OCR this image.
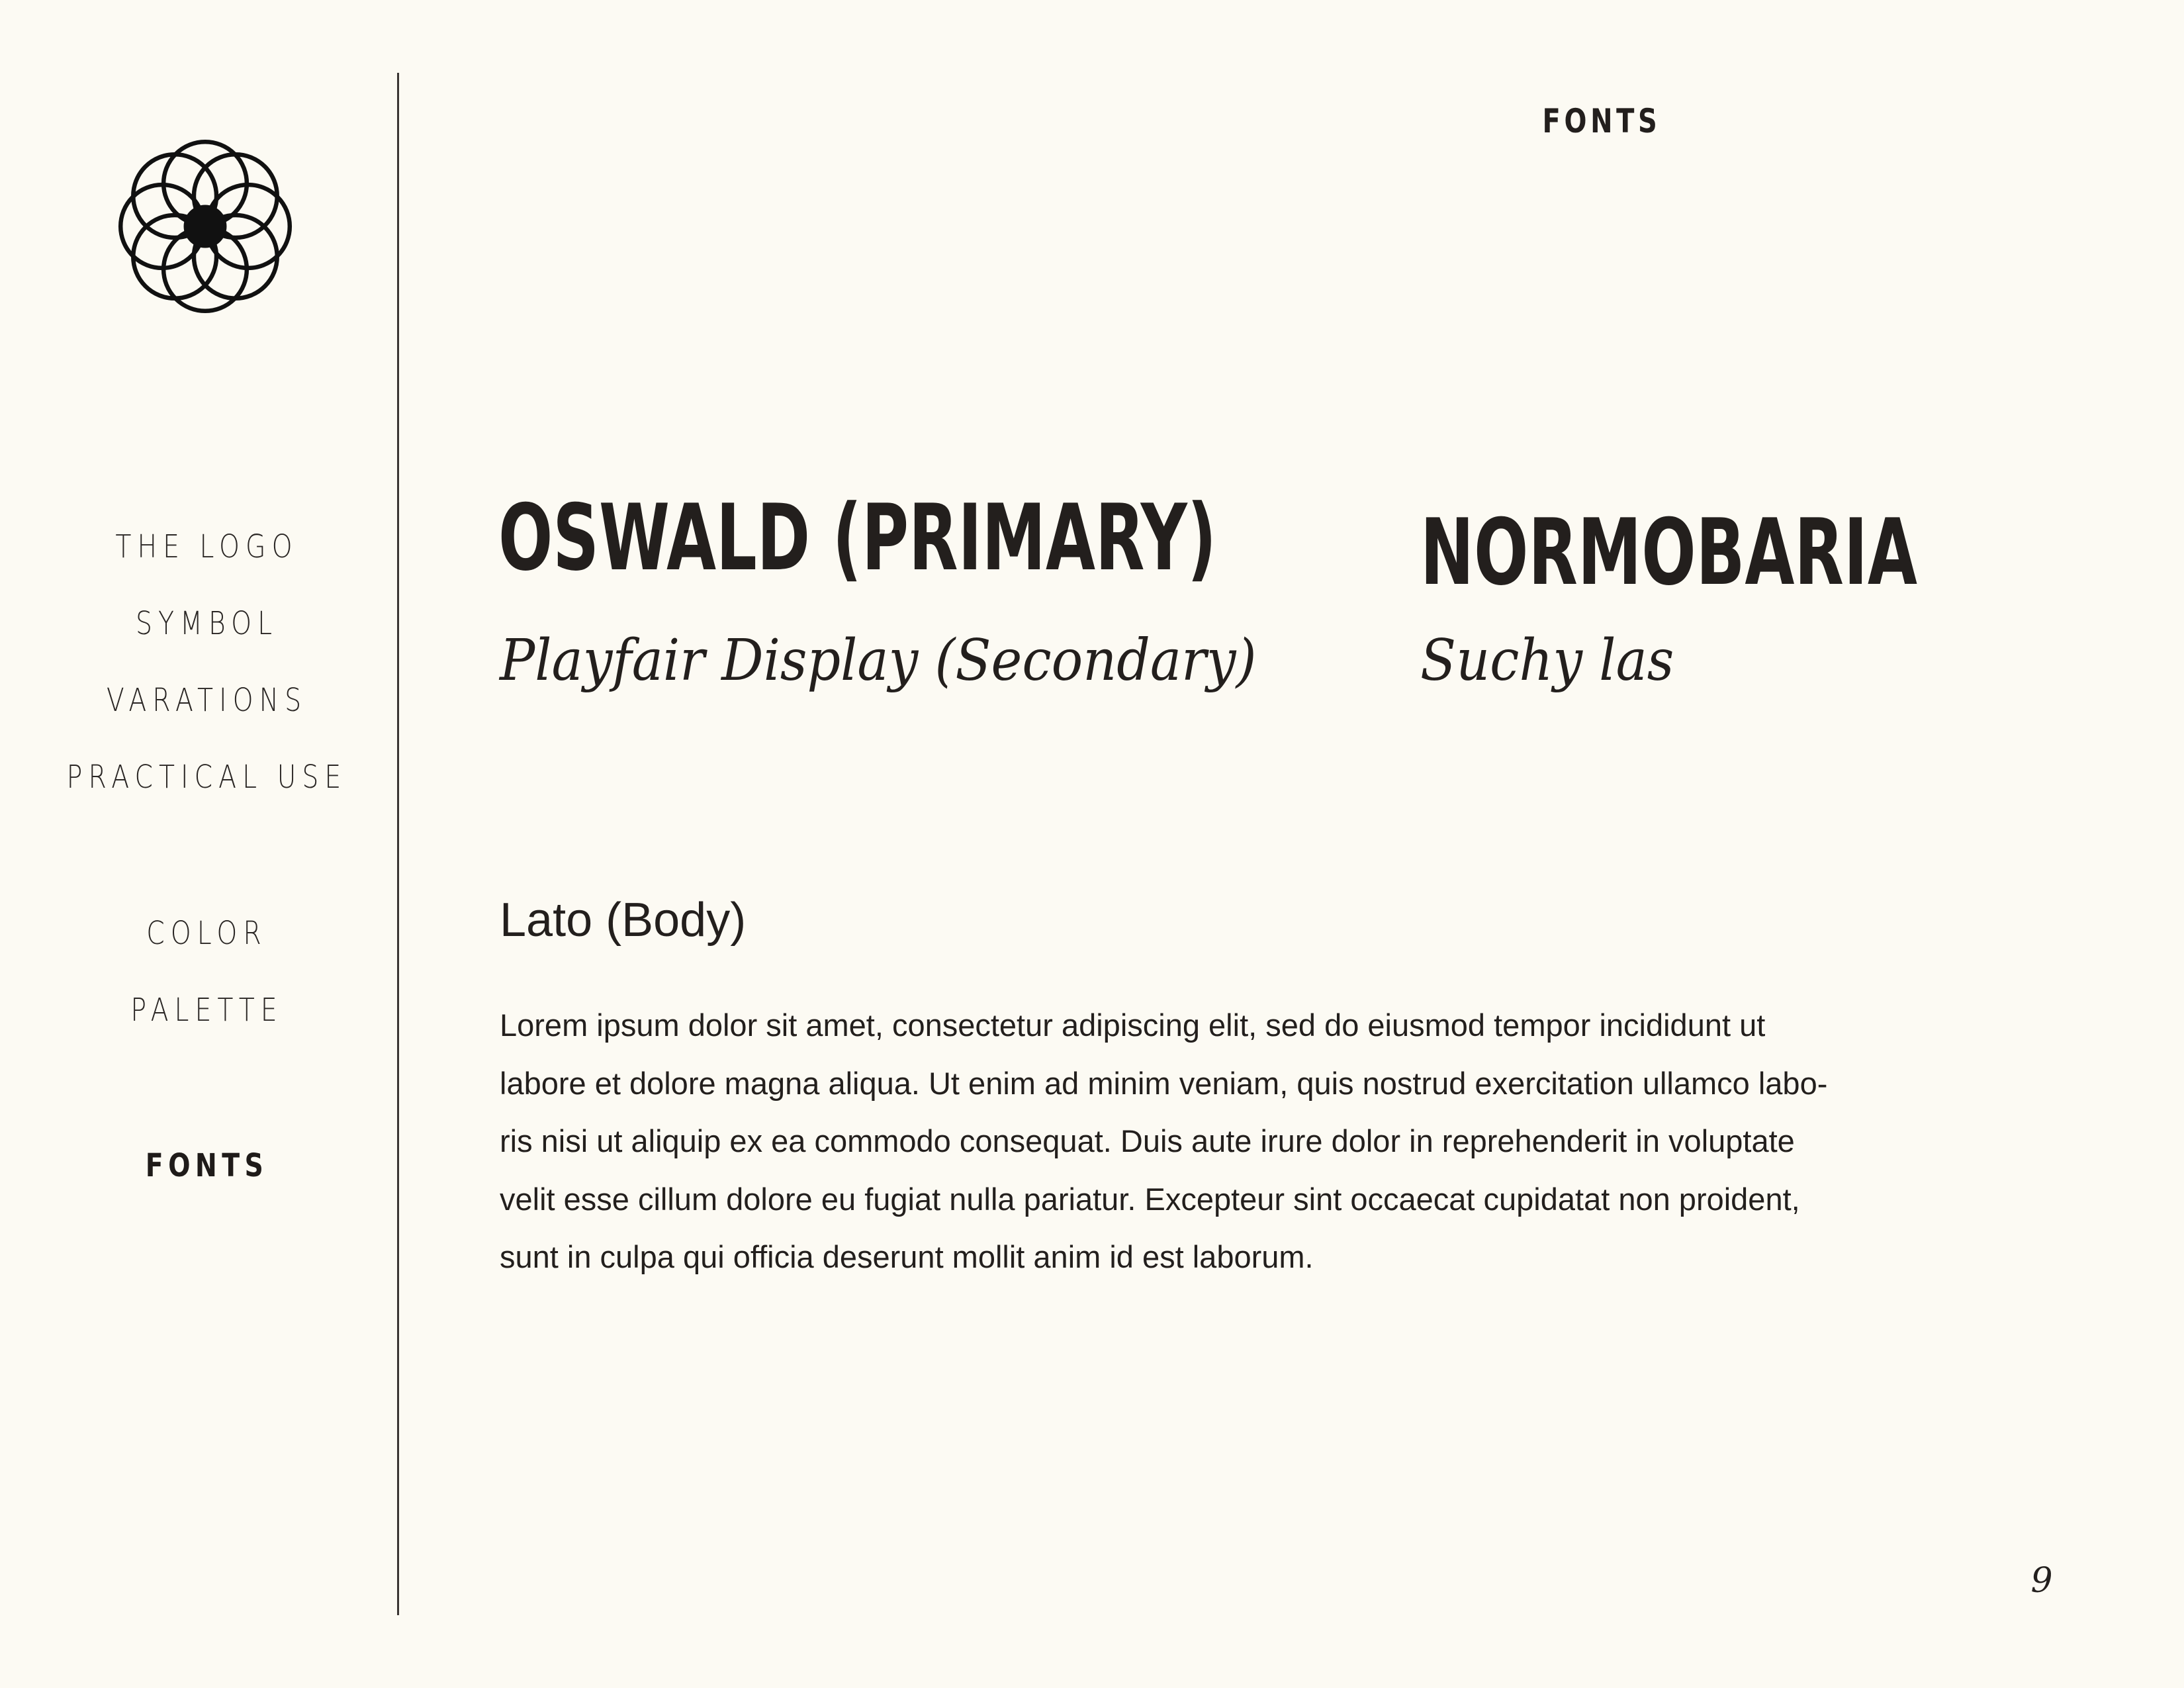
THE LOGO
SYMBOL
VARATIONS
PRACTICAL USE
COLOR
PALETTE
FONTS
FONTS
OSWALD (PRIMARY) NORMOBARIA
Playfair Display (Secondary)	Suchy las
Lato (Body)

Lorem ipsum dolor sit amet, consectetur adipiscing elit, sed do eiusmod tempor incididunt ut
labore et dolore magna aliqua. Ut enim ad minim veniam, quis nostrud exercitation ullamco labo-
ris nisi ut aliquip ex ea commodo consequat. Duis aute irure dolor in reprehenderit in voluptate
velit esse cillum dolore eu fugiat nulla pariatur. Excepteur sint occaecat cupidatat non proident,
sunt in culpa qui officia deserunt mollit anim id est laborum.

9
